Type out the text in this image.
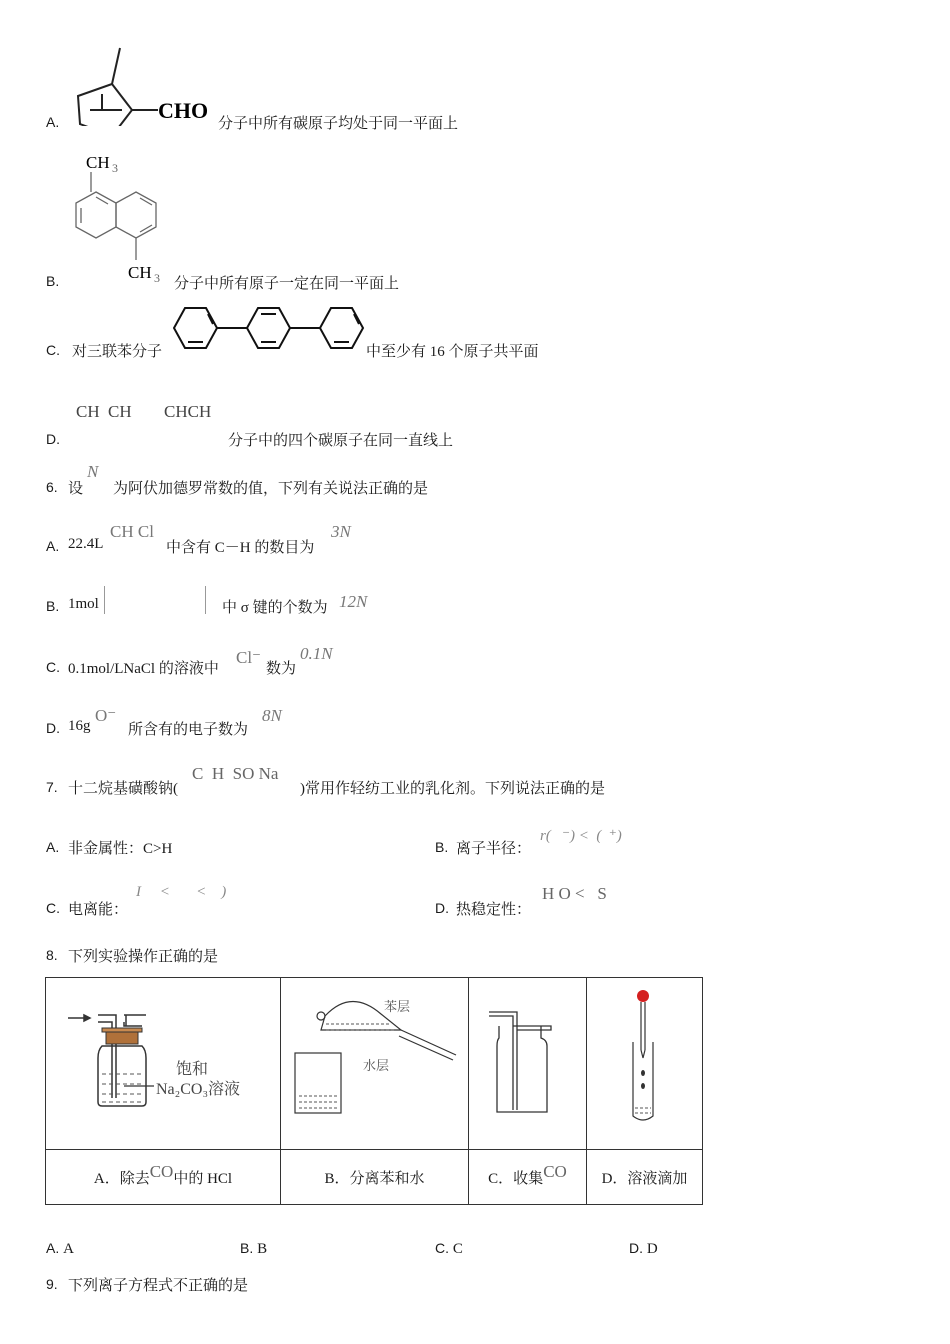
A.	CHO
分子中所有碳原子均处于同一平面上
B.
CH 3
CH 3 分子中所有原子一定在同一平面上
C. 对三联苯分子	中至少有 16 个原子共平面
CH CH CHCH
D.	分子中的四个碳原子在同一直线上
6. 设
N
为阿伏加德罗常数的值，下列有关说法正确的是
A. 22.4L
CH Cl
中含有 C－H 的数目为
3N
B. 1mol	中 σ 键的个数为 12N
C. 0.1mol/LNaCl 的溶液中
Cl⁻
数为
0.1N
D. 16g
O⁻
所含有的电子数为
8N
7. 十二烷基磺酸钠(
C  H  SO Na
)常用作轻纺工业的乳化剂。下列说法正确的是
A. 非金属性：C>H	B. 离子半径：
r(   ⁻) <  (  ⁺)
C. 电离能：
I     <       <    )
D. 热稳定性：
H O <   S
8. 下列实验操作正确的是
饱和
Na₂CO₃溶液	苯层
水层

A．除去CO中的 HCl	B．分离苯和水	C．收集CO	D．溶液滴加
A. A	B. B	C. C	D. D
9. 下列离子方程式不正确的是
